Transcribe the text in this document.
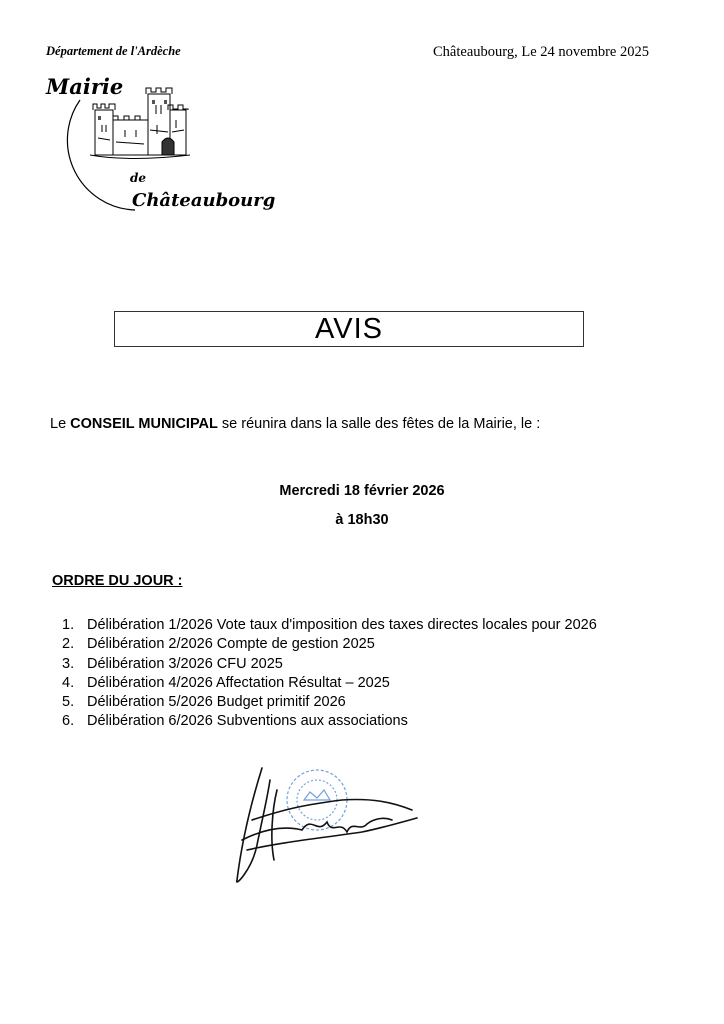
Département de l'Ardèche	Châteaubourg, Le 24 novembre 2025
Mairie
de
Châteaubourg
AVIS
Le CONSEIL MUNICIPAL se réunira dans la salle des fêtes de la Mairie, le :
Mercredi 18 février 2026
à 18h30
ORDRE DU JOUR :
1. Délibération 1/2026 Vote taux d'imposition des taxes directes locales pour 2026
2. Délibération 2/2026 Compte de gestion 2025
3. Délibération 3/2026 CFU 2025
4. Délibération 4/2026 Affectation Résultat – 2025
5. Délibération 5/2026 Budget primitif 2026
6. Délibération 6/2026 Subventions aux associations
